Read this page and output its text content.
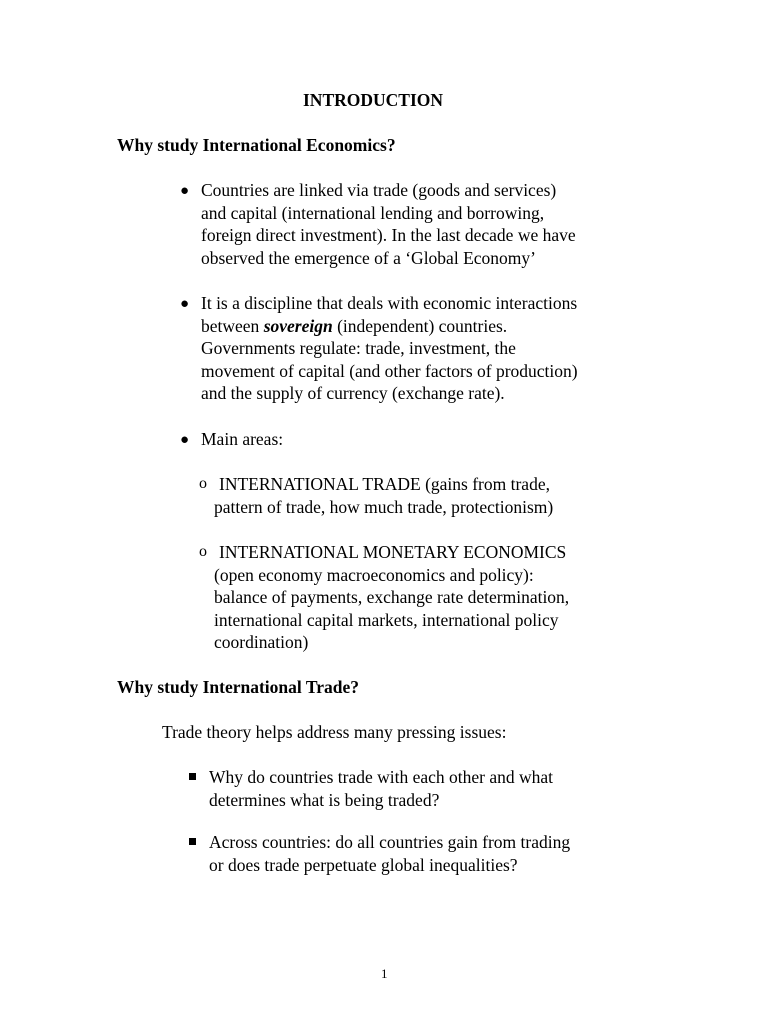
INTRODUCTION

Why study International Economics?

● Countries are linked via trade (goods and services)
and capital (international lending and borrowing,
foreign direct investment). In the last decade we have
observed the emergence of a ‘Global Economy’
● It is a discipline that deals with economic interactions
between sovereign (independent) countries.
Governments regulate: trade, investment, the
movement of capital (and other factors of production)
and the supply of currency (exchange rate).
● Main areas:
o INTERNATIONAL TRADE (gains from trade,
pattern of trade, how much trade, protectionism)
o INTERNATIONAL MONETARY ECONOMICS
(open economy macroeconomics and policy):
balance of payments, exchange rate determination,
international capital markets, international policy
coordination)

Why study International Trade?

Trade theory helps address many pressing issues:

Why do countries trade with each other and what
determines what is being traded?
Across countries: do all countries gain from trading
or does trade perpetuate global inequalities?
1
